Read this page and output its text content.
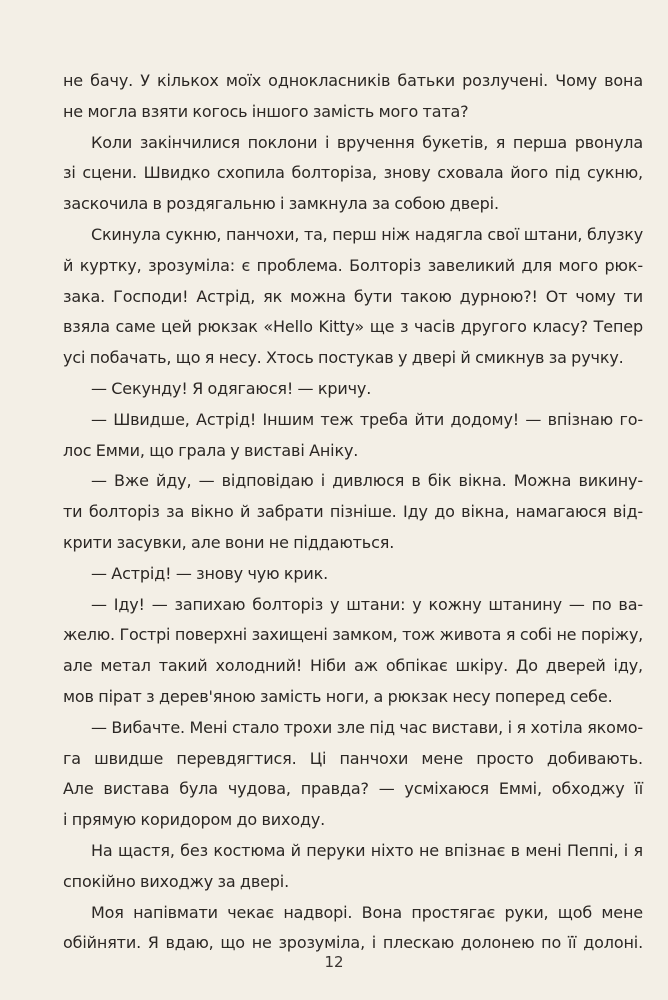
не бачу. У кількох моїх однокласників батьки розлучені. Чому вона
не могла взяти когось іншого замість мого тата?
Коли закінчилися поклони і вручення букетів, я перша рвонула
зі сцени. Швидко схопила болторіза, знову сховала його під сукню,
заскочила в роздягальню і замкнула за собою двері.
Скинула сукню, панчохи, та, перш ніж надягла свої штани, блузку
й куртку, зрозуміла: є проблема. Болторіз завеликий для мого рюк-
зака. Господи! Астрід, як можна бути такою дурною?! От чому ти
взяла саме цей рюкзак «Hello Kitty» ще з часів другого класу? Тепер
усі побачать, що я несу. Хтось постукав у двері й смикнув за ручку.
— Секунду! Я одягаюся! — кричу.
— Швидше, Астрід! Іншим теж треба йти додому! — впізнаю го-
лос Емми, що грала у виставі Аніку.
— Вже йду, — відповідаю і дивлюся в бік вікна. Можна викину-
ти болторіз за вікно й забрати пізніше. Іду до вікна, намагаюся від-
крити засувки, але вони не піддаються.
— Астрід! — знову чую крик.
— Іду! — запихаю болторіз у штани: у кожну штанину — по ва-
желю. Гострі поверхні захищені замком, тож живота я собі не поріжу,
але метал такий холодний! Ніби аж обпікає шкіру. До дверей іду,
мов пірат з дерев'яною замість ноги, а рюкзак несу поперед себе.
— Вибачте. Мені стало трохи зле під час вистави, і я хотіла якомо-
га швидше перевдягтися. Ці панчохи мене просто добивають.
Але вистава була чудова, правда? — усміхаюся Еммі, обходжу її
і прямую коридором до виходу.
На щастя, без костюма й перуки ніхто не впізнає в мені Пеппі, і я
спокійно виходжу за двері.
Моя напівмати чекає надворі. Вона простягає руки, щоб мене
обійняти. Я вдаю, що не зрозуміла, і плескаю долонею по її долоні.
12
